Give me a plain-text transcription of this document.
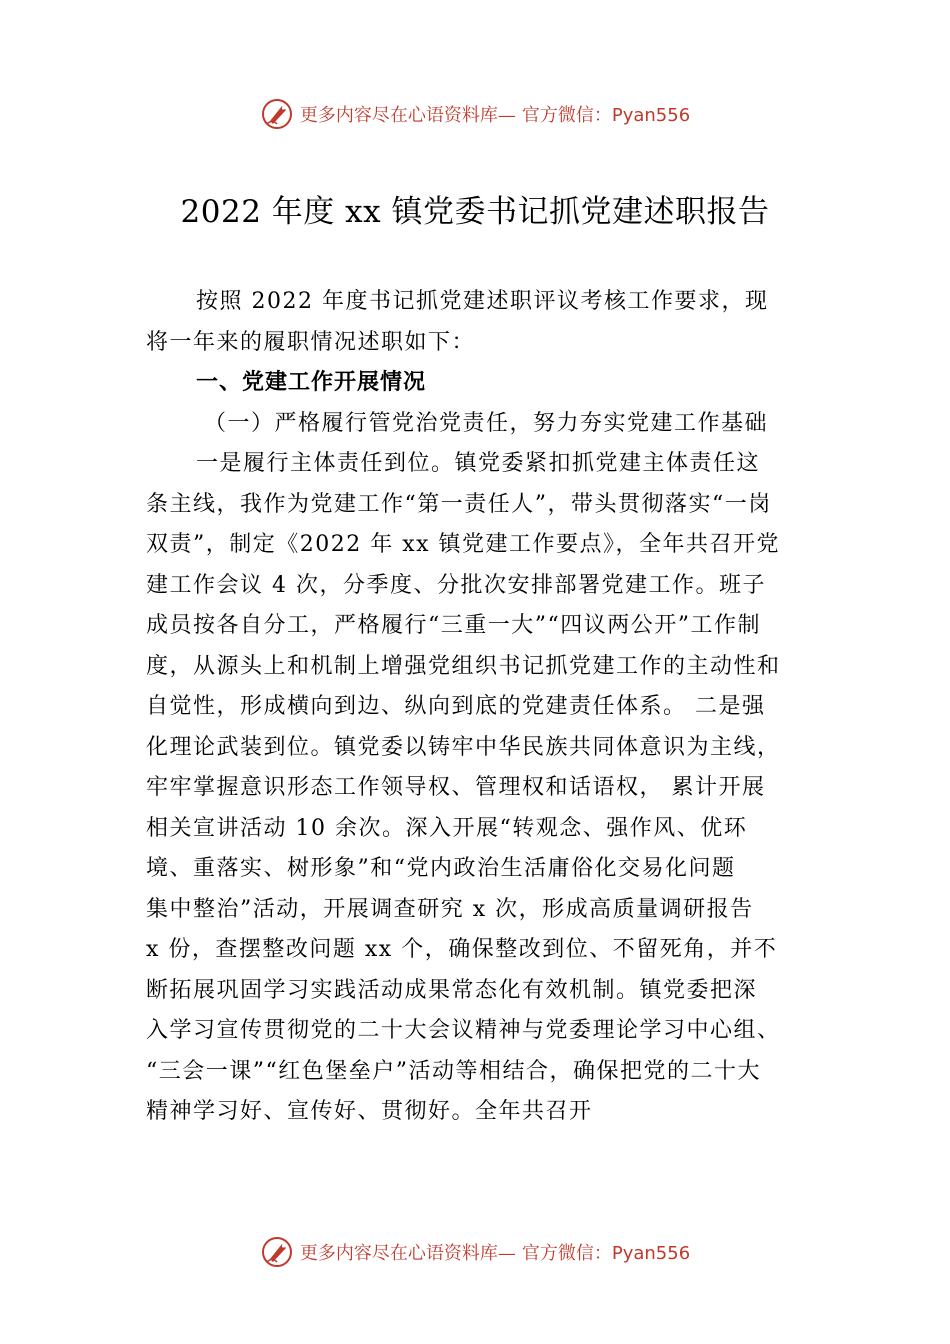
更多内容尽在心语资料库— 官方微信：Pyan556
2022 年度 xx 镇党委书记抓党建述职报告
按照 2022 年度书记抓党建述职评议考核工作要求，现
将一年来的履职情况述职如下：
一、党建工作开展情况
（一）严格履行管党治党责任，努力夯实党建工作基础
一是履行主体责任到位。镇党委紧扣抓党建主体责任这
条主线，我作为党建工作“第一责任人”，带头贯彻落实“一岗
双责”，制定《2022 年 xx 镇党建工作要点》，全年共召开党
建工作会议 4 次，分季度、分批次安排部署党建工作。班子
成员按各自分工，严格履行“三重一大”“四议两公开”工作制
度，从源头上和机制上增强党组织书记抓党建工作的主动性和
自觉性，形成横向到边、纵向到底的党建责任体系。 二是强
化理论武装到位。镇党委以铸牢中华民族共同体意识为主线，
牢牢掌握意识形态工作领导权、管理权和话语权， 累计开展
相关宣讲活动 10 余次。深入开展“转观念、强作风、优环
境、重落实、树形象”和“党内政治生活庸俗化交易化问题
集中整治”活动，开展调查研究 x 次，形成高质量调研报告
x 份，查摆整改问题 xx 个，确保整改到位、不留死角，并不
断拓展巩固学习实践活动成果常态化有效机制。镇党委把深
入学习宣传贯彻党的二十大会议精神与党委理论学习中心组、
“三会一课”“红色堡垒户”活动等相结合，确保把党的二十大
精神学习好、宣传好、贯彻好。全年共召开
更多内容尽在心语资料库— 官方微信：Pyan556
